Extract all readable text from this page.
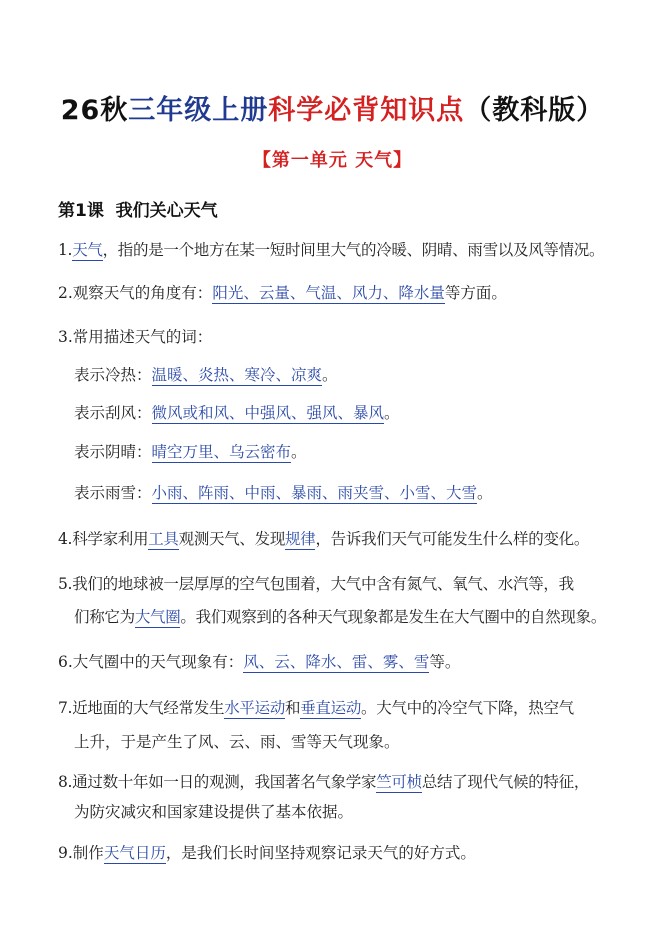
26秋三年级上册科学必背知识点（教科版）
【第一单元 天气】
第1课  我们关心天气
1.天气，指的是一个地方在某一短时间里大气的冷暖、阴晴、雨雪以及风等情况。
2.观察天气的角度有：阳光、云量、气温、风力、降水量等方面。
3.常用描述天气的词：
表示冷热：温暖、炎热、寒冷、凉爽。
表示刮风：微风或和风、中强风、强风、暴风。
表示阴晴：晴空万里、乌云密布。
表示雨雪：小雨、阵雨、中雨、暴雨、雨夹雪、小雪、大雪。
4.科学家利用工具观测天气、发现规律，告诉我们天气可能发生什么样的变化。
5.我们的地球被一层厚厚的空气包围着，大气中含有氮气、氧气、水汽等，我
们称它为大气圈。我们观察到的各种天气现象都是发生在大气圈中的自然现象。
6.大气圈中的天气现象有：风、云、降水、雷、雾、雪等。
7.近地面的大气经常发生水平运动和垂直运动。大气中的冷空气下降，热空气
上升，于是产生了风、云、雨、雪等天气现象。
8.通过数十年如一日的观测，我国著名气象学家竺可桢总结了现代气候的特征，
为防灾减灾和国家建设提供了基本依据。
9.制作天气日历，是我们长时间坚持观察记录天气的好方式。
